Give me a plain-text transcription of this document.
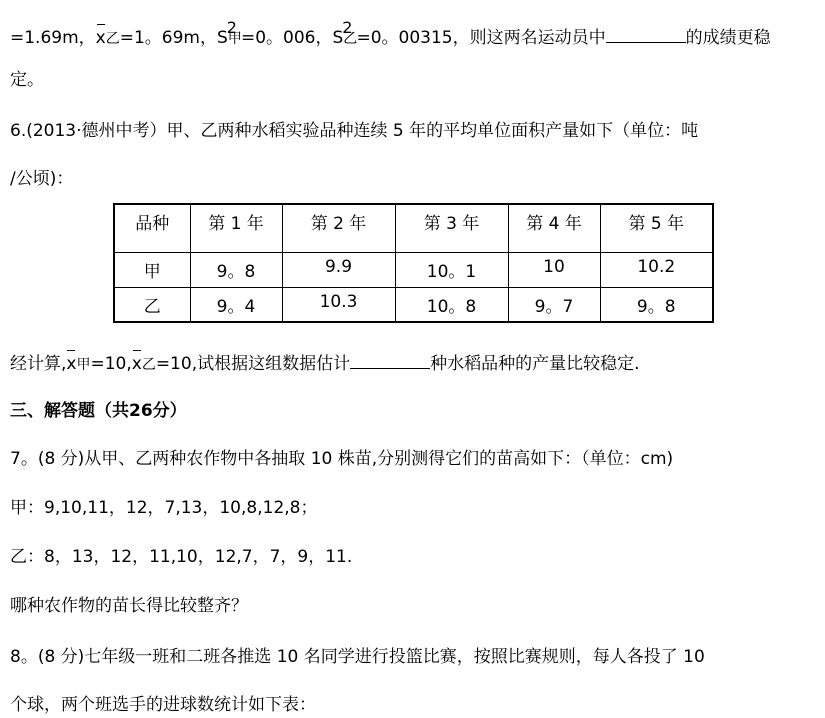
=1.69m，x乙=1。69m，S甲2=0。006，S乙2=0。00315，则这两名运动员中	的成绩更稳
定。
6.(2013·德州中考）甲、乙两种水稻实验品种连续 5 年的平均单位面积产量如下（单位：吨
/公顷)：
品种	第 1 年	第 2 年	第 3 年	第 4 年	第 5 年
甲	9。8	9.9	10。1	10	10.2
乙	9。4	10.3	10。8	9。7	9。8
经计算,x甲=10,x乙=10,试根据这组数据估计	种水稻品种的产量比较稳定.
三、解答题（共26分）
7。(8 分)从甲、乙两种农作物中各抽取 10 株苗,分别测得它们的苗高如下：（单位：cm)
甲：9,10,11，12，7,13，10,8,12,8；
乙：8，13，12，11,10，12,7，7，9，11.
哪种农作物的苗长得比较整齐？
8。(8 分)七年级一班和二班各推选 10 名同学进行投篮比赛，按照比赛规则，每人各投了 10
个球，两个班选手的进球数统计如下表：
